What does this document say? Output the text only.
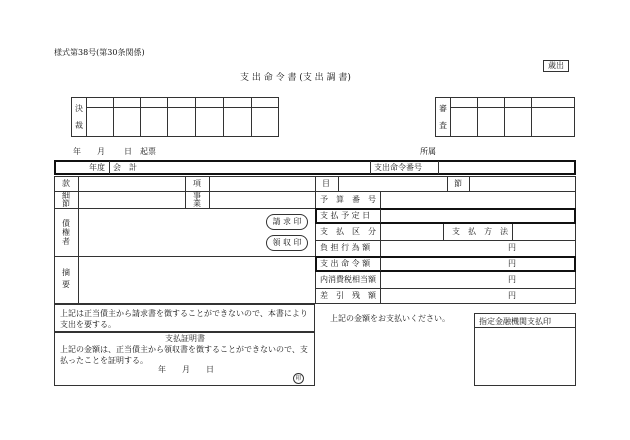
様式第38号(第30条関係)
支 出 命 令 書 (支 出 調 書)
歳出
決
裁
審
査
年 月 日 起票	所属
年度 会　計	支出命令番号
款	項	目	節
細
節
事
業
債
権
者
請 求 印
領 収 印
摘
要
予　算　番　号
支 払 予 定 日
支　払　区　分	支　払　方　法
負 担 行 為 額	円
支 出 命 令 額	円
内消費税相当額	円
差　引　残　額	円
上記は正当債主から請求書を徴することができないので、本書により支出を要する。
支払証明書
上記の金額は、正当債主から領収書を徴することができないので、支払ったことを証明する。
年 月 日
印
上記の金額をお支払いください。	指定金融機関支払印
